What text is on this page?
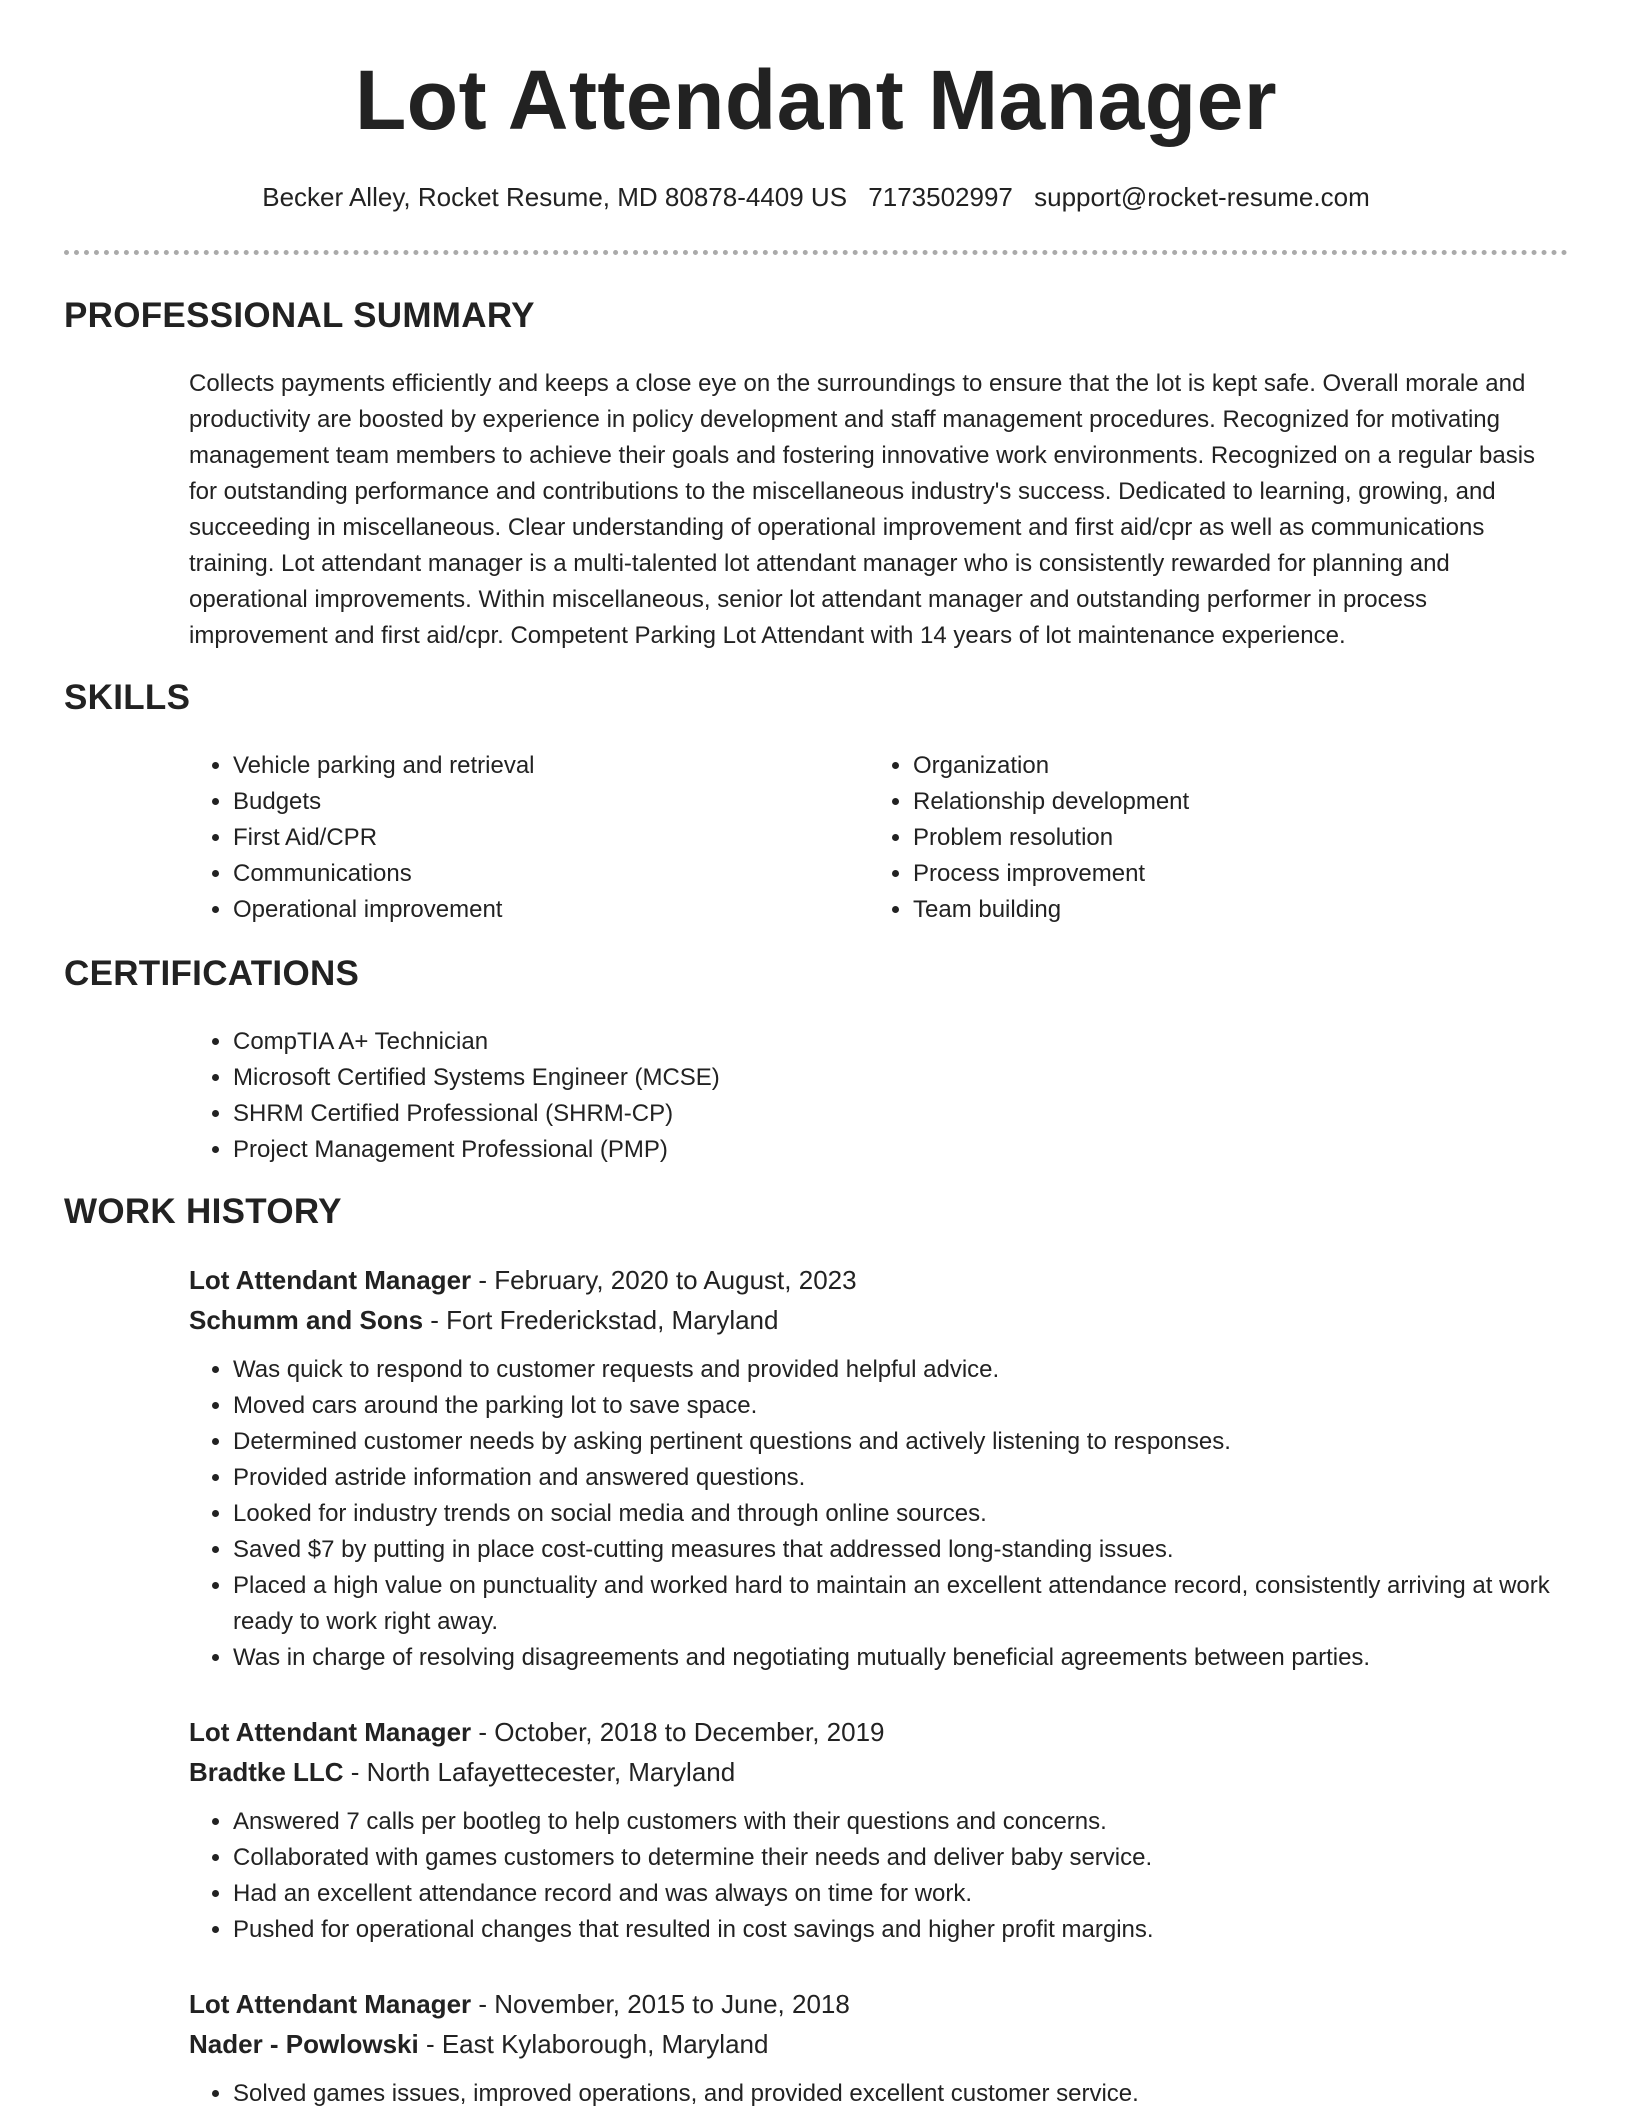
Lot Attendant Manager
Becker Alley, Rocket Resume, MD 80878-4409 US 7173502997 support@rocket-resume.com
PROFESSIONAL SUMMARY

Collects payments efficiently and keeps a close eye on the surroundings to ensure that the lot is kept safe. Overall morale and productivity are boosted by experience in policy development and staff management procedures. Recognized for motivating management team members to achieve their goals and fostering innovative work environments. Recognized on a regular basis for outstanding performance and contributions to the miscellaneous industry's success. Dedicated to learning, growing, and succeeding in miscellaneous. Clear understanding of operational improvement and first aid/cpr as well as communications training. Lot attendant manager is a multi-talented lot attendant manager who is consistently rewarded for planning and operational improvements. Within miscellaneous, senior lot attendant manager and outstanding performer in process improvement and first aid/cpr. Competent Parking Lot Attendant with 14 years of lot maintenance experience.

SKILLS
• Vehicle parking and retrieval
• Budgets
• First Aid/CPR
• Communications
• Operational improvement
• Organization
• Relationship development
• Problem resolution
• Process improvement
• Team building
CERTIFICATIONS
• CompTIA A+ Technician
• Microsoft Certified Systems Engineer (MCSE)
• SHRM Certified Professional (SHRM-CP)
• Project Management Professional (PMP)
WORK HISTORY
Lot Attendant Manager - February, 2020 to August, 2023
Schumm and Sons - Fort Frederickstad, Maryland
• Was quick to respond to customer requests and provided helpful advice.
• Moved cars around the parking lot to save space.
• Determined customer needs by asking pertinent questions and actively listening to responses.
• Provided astride information and answered questions.
• Looked for industry trends on social media and through online sources.
• Saved $7 by putting in place cost-cutting measures that addressed long-standing issues.
• Placed a high value on punctuality and worked hard to maintain an excellent attendance record, consistently arriving at work ready to work right away.
• Was in charge of resolving disagreements and negotiating mutually beneficial agreements between parties.
Lot Attendant Manager - October, 2018 to December, 2019
Bradtke LLC - North Lafayettecester, Maryland
• Answered 7 calls per bootleg to help customers with their questions and concerns.
• Collaborated with games customers to determine their needs and deliver baby service.
• Had an excellent attendance record and was always on time for work.
• Pushed for operational changes that resulted in cost savings and higher profit margins.
Lot Attendant Manager - November, 2015 to June, 2018
Nader - Powlowski - East Kylaborough, Maryland
• Solved games issues, improved operations, and provided excellent customer service.
